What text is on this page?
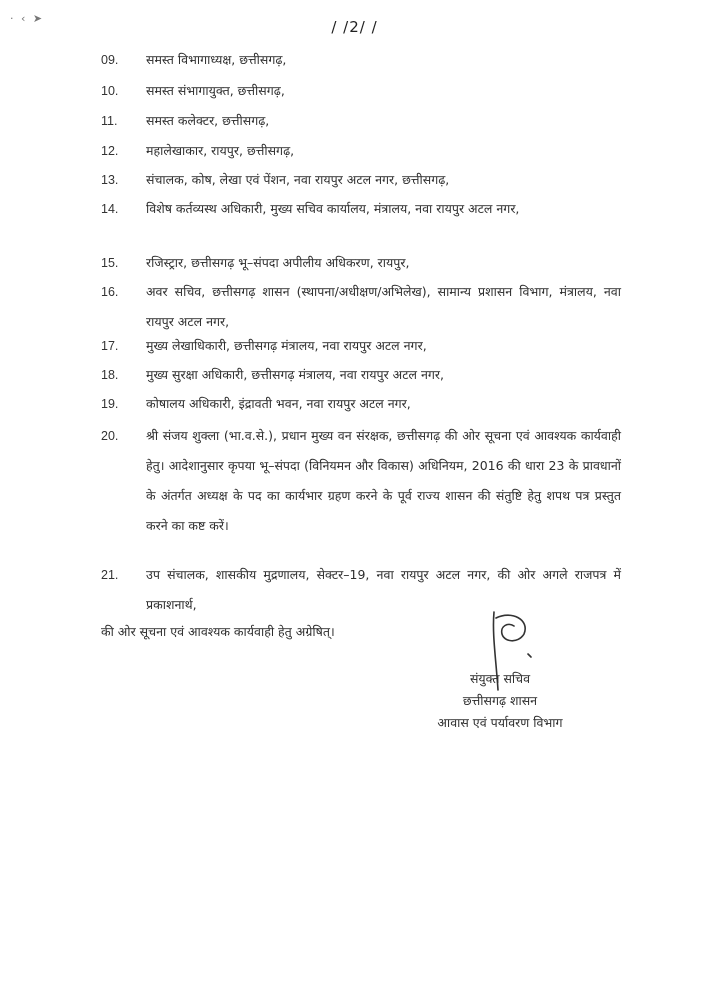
· ‹ ➤	/ /2/ /
09. समस्त विभागाध्यक्ष, छत्तीसगढ़,
10. समस्त संभागायुक्त, छत्तीसगढ़,
11. समस्त कलेक्टर, छत्तीसगढ़,
12. महालेखाकार, रायपुर, छत्तीसगढ़,
13. संचालक, कोष, लेखा एवं पेंशन, नवा रायपुर अटल नगर, छत्तीसगढ़,
14. विशेष कर्तव्यस्थ अधिकारी, मुख्य सचिव कार्यालय, मंत्रालय, नवा रायपुर अटल नगर,
15. रजिस्ट्रार, छत्तीसगढ़ भू–संपदा अपीलीय अधिकरण, रायपुर,
16. अवर सचिव, छत्तीसगढ़ शासन (स्थापना/अधीक्षण/अभिलेख), सामान्य प्रशासन विभाग, मंत्रालय, नवा रायपुर अटल नगर,
17. मुख्य लेखाधिकारी, छत्तीसगढ़ मंत्रालय, नवा रायपुर अटल नगर,
18. मुख्य सुरक्षा अधिकारी, छत्तीसगढ़ मंत्रालय, नवा रायपुर अटल नगर,
19. कोषालय अधिकारी, इंद्रावती भवन, नवा रायपुर अटल नगर,
20. श्री संजय शुक्ला (भा.व.से.), प्रधान मुख्य वन संरक्षक, छत्तीसगढ़ की ओर सूचना एवं आवश्यक कार्यवाही हेतु। आदेशानुसार कृपया भू–संपदा (विनियमन और विकास) अधिनियम, 2016 की धारा 23 के प्रावधानों के अंतर्गत अध्यक्ष के पद का कार्यभार ग्रहण करने के पूर्व राज्य शासन की संतुष्टि हेतु शपथ पत्र प्रस्तुत करने का कष्ट करें।
21. उप संचालक, शासकीय मुद्रणालय, सेक्टर–19, नवा रायपुर अटल नगर, की ओर अगले राजपत्र में प्रकाशनार्थ,
की ओर सूचना एवं आवश्यक कार्यवाही हेतु अग्रेषित्।
संयुक्त सचिव
छत्तीसगढ़ शासन
आवास एवं पर्यावरण विभाग
